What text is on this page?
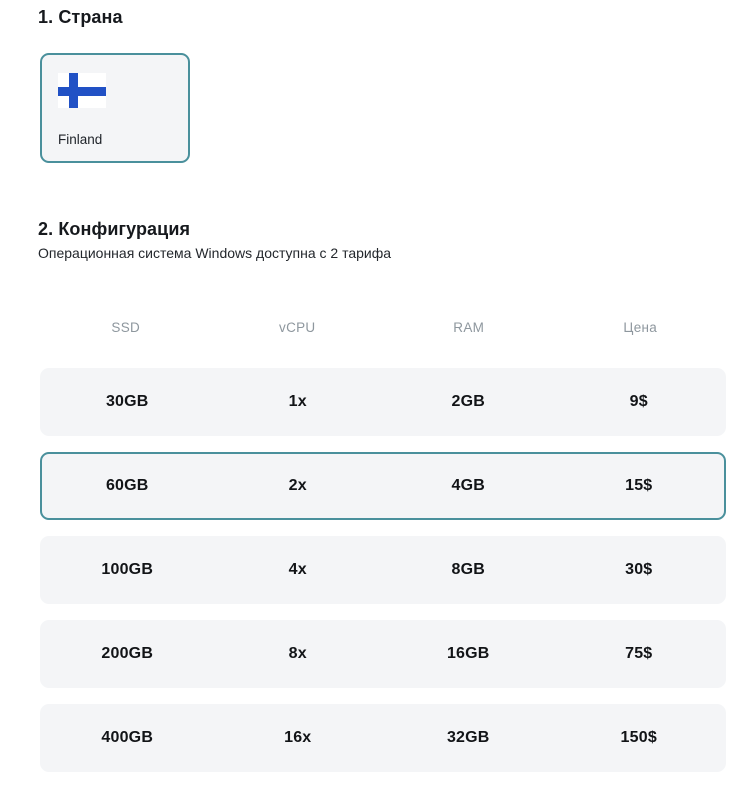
1. Страна
Finland
2. Конфигурация

Операционная система Windows доступна с 2 тарифа

SSD	vCPU	RAM	Цена
30GB	1x	2GB	9$
60GB	2x	4GB	15$
100GB	4x	8GB	30$
200GB	8x	16GB	75$
400GB	16x	32GB	150$
